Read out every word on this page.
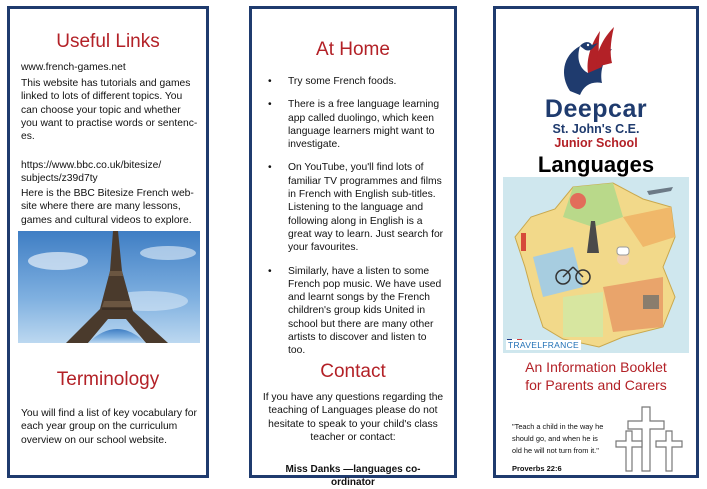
Useful Links

www.french-games.net

This website has tutorials and games linked to lots of different topics. You can choose your topic and whether you want to practise words or sentenc-es.

https://www.bbc.co.uk/bitesize/
subjects/z39d7ty

Here is the BBC Bitesize French web-site where there are many lessons, games and cultural videos to explore.

Terminology

You will find a list of key vocabulary for each year group on the curriculum overview on our school website.

At Home
• Try some French foods.
• There is a free language learning app called duolingo, which keen language learners might want to investigate.
• On YouTube, you'll find lots of familiar TV programmes and films in French with English sub-titles. Listening to the language and following along in English is a great way to learn. Just search for your favourites.
• Similarly, have a listen to some French pop music. We have used and learnt songs by the French children's group kids United in school but there are many other artists to discover and listen to too.
Contact

If you have any questions regarding the teaching of Languages please do not hesitate to speak to your child's class teacher or contact:

Miss Danks —languages co-
ordinator

Deepcar
St. John's C.E.
Junior School
Languages
TRAVELFRANCE
An Information Booklet
for Parents and Carers
"Teach a child in the way he
should go, and when he is
old he will not turn from it."
Proverbs 22:6
